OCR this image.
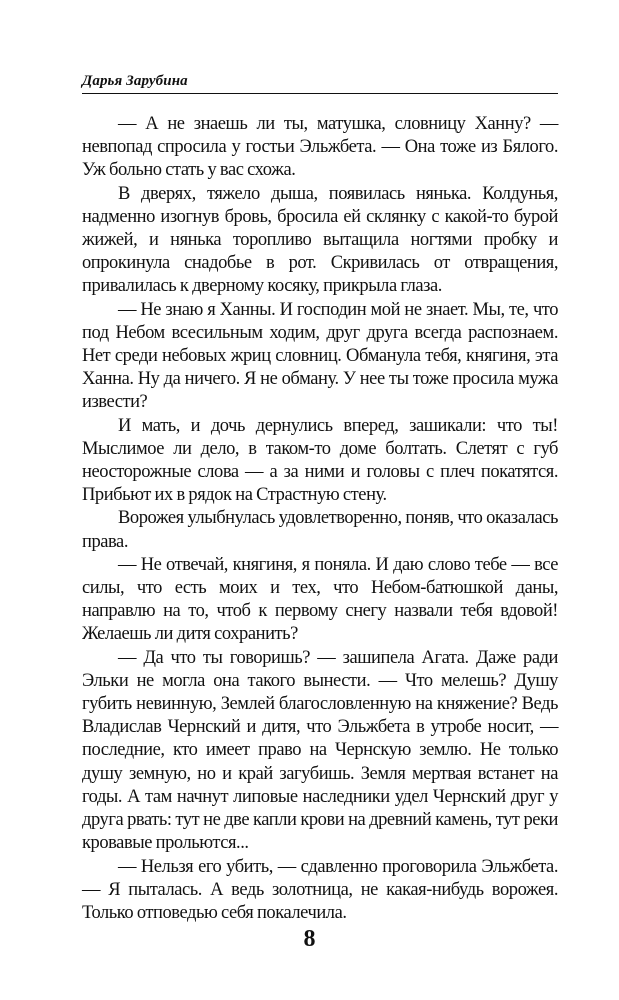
Дарья Зарубина

— А не знаешь ли ты, матушка, словницу Ханну? — невпопад спросила у гостьи Эльжбета. — Она тоже из Бялого. Уж больно стать у вас схожа.

В дверях, тяжело дыша, появилась нянька. Колдунья, надменно изогнув бровь, бросила ей склянку с какой-то бурой жижей, и нянька торопливо вытащила ногтями пробку и опрокинула снадобье в рот. Скривилась от отвращения, привалилась к дверному косяку, прикрыла глаза.

— Не знаю я Ханны. И господин мой не знает. Мы, те, что под Небом всесильным ходим, друг друга всегда распознаем. Нет среди небовых жриц словниц. Обманула тебя, княгиня, эта Ханна. Ну да ничего. Я не обману. У нее ты тоже просила мужа извести?

И мать, и дочь дернулись вперед, зашикали: что ты! Мыслимое ли дело, в таком-то доме болтать. Слетят с губ неосторожные слова — а за ними и головы с плеч покатятся. Прибьют их в рядок на Страстную стену.

Ворожея улыбнулась удовлетворенно, поняв, что оказалась права.

— Не отвечай, княгиня, я поняла. И даю слово тебе — все силы, что есть моих и тех, что Небом-батюшкой даны, направлю на то, чтоб к первому снегу назвали тебя вдовой! Желаешь ли дитя сохранить?

— Да что ты говоришь? — зашипела Агата. Даже ради Эльки не могла она такого вынести. — Что мелешь? Душу губить невинную, Землей благословленную на княжение? Ведь Владислав Чернский и дитя, что Эльжбета в утробе носит, — последние, кто имеет право на Чернскую землю. Не только душу земную, но и край загубишь. Земля мертвая встанет на годы. А там начнут липовые наследники удел Чернский друг у друга рвать: тут не две капли крови на древний камень, тут реки кровавые прольются...

— Нельзя его убить, — сдавленно проговорила Эльжбета. — Я пыталась. А ведь золотница, не какая-нибудь ворожея. Только отповедью себя покалечила.

8
